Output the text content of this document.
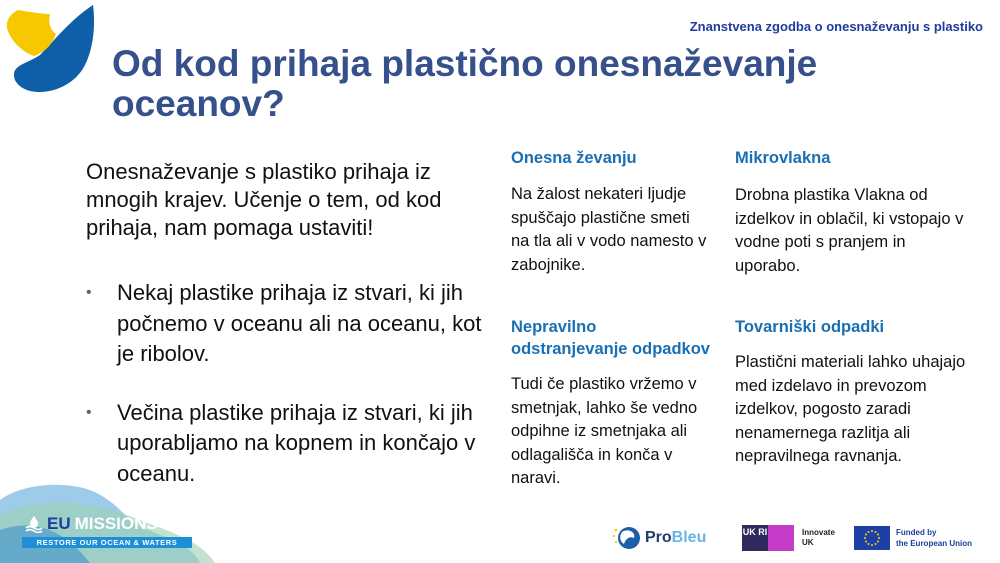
Znanstvena zgodba o onesnaževanju s plastiko
Od kod prihaja plastično onesnaževanje oceanov?

Onesnaževanje s plastiko prihaja iz mnogih krajev. Učenje o tem, od kod prihaja, nam pomaga ustaviti!

• Nekaj plastike prihaja iz stvari, ki jih počnemo v oceanu ali na oceanu, kot je ribolov.
• Večina plastike prihaja iz stvari, ki jih uporabljamo na kopnem in končajo v oceanu.
Onesna ževanju

Na žalost nekateri ljudje spuščajo plastične smeti na tla ali v vodo namesto v zabojnike.

Mikrovlakna

Drobna plastika Vlakna od izdelkov in oblačil, ki vstopajo v vodne poti s pranjem in uporabo.

Nepravilno odstranjevanje odpadkov

Tudi če plastiko vržemo v smetnjak, lahko še vedno odpihne iz smetnjaka ali odlagališča in konča v naravi.

Tovarniški odpadki

Plastični materiali lahko uhajajo med izdelavo in prevozom izdelkov, pogosto zaradi nenamernega razlitja ali nepravilnega ravnanja.

EU MISSIONS
RESTORE OUR OCEAN & WATERS	Pro Bleu	UK RI	Innovate
UK
Funded by
the European Union
